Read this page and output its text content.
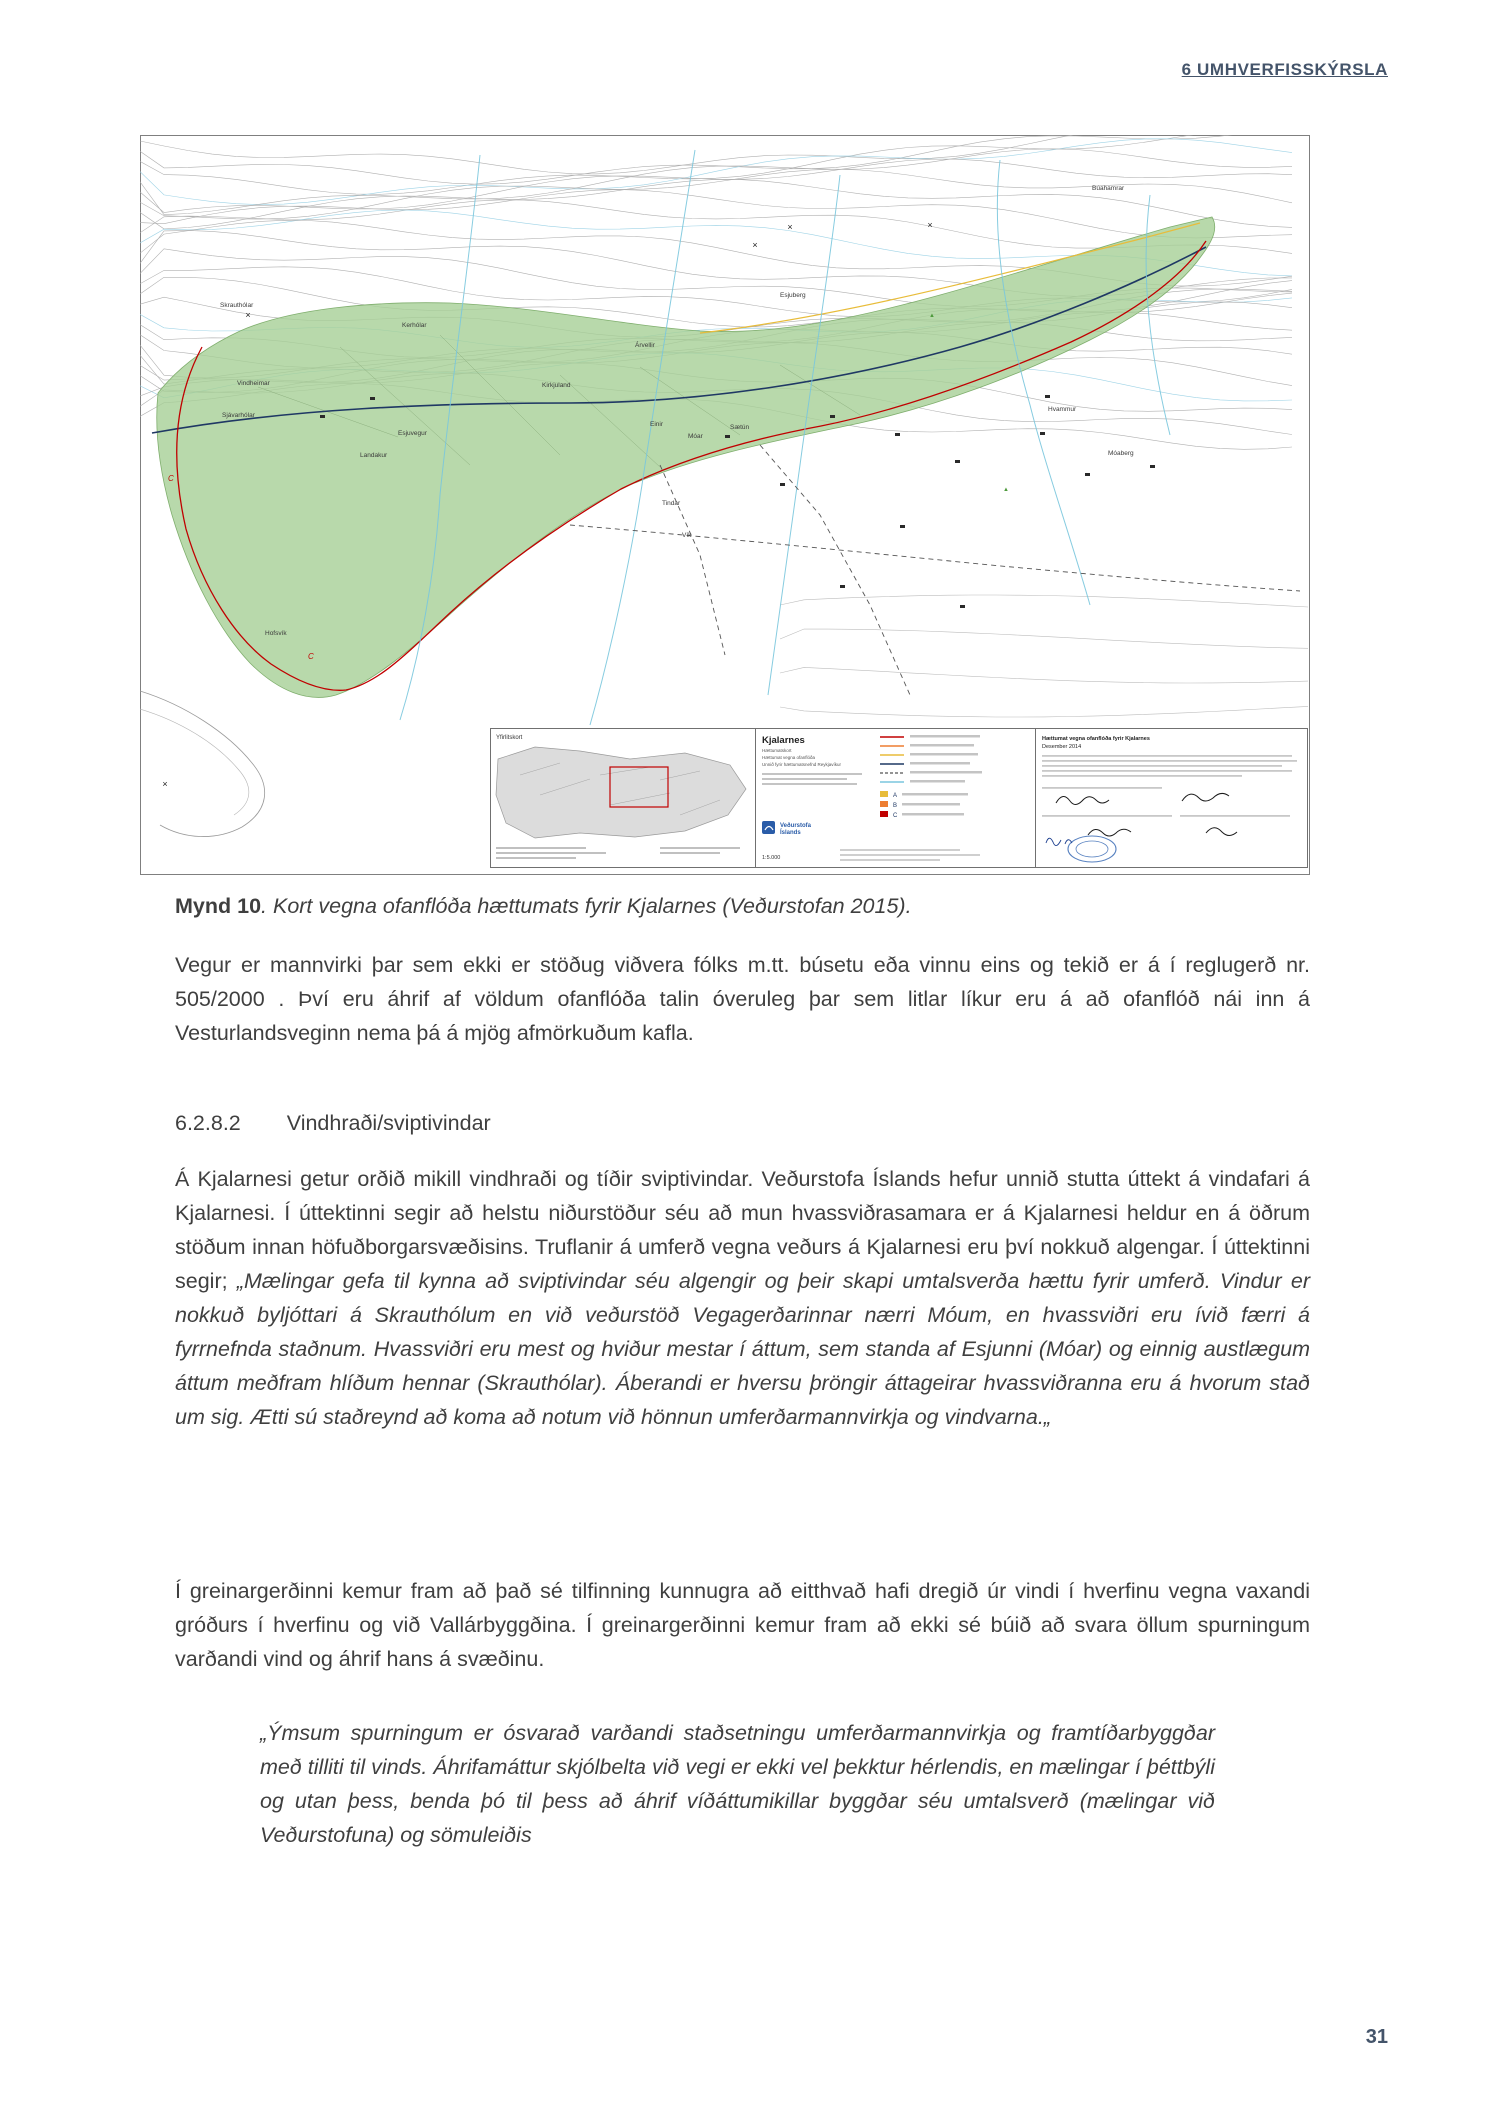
6 UMHVERFISSKÝRSLA
Búahamrar
Skrauthólar
Kerhólar
Esjuberg
Árvellir
Vindheimar
Sjávarhólar
Kirkjuland
Esjuvegur
Landakur
Einir	Sætún
Móar
Hvammur
Móaberg
Tindar
Vík
Hofsvík
×
×
×	×
×
▲
▲
C
C
Yfirlitskort	Kjalarnes
Hættumatskort
Hættumat vegna ofanflóða
Unnið fyrir hættumatsnefnd Reykjavíkur
A
B
C
Veðurstofa
Íslands
1:5.000
Hættumat vegna ofanflóða fyrir Kjalarnes
Desember 2014
Mynd 10. Kort vegna ofanflóða hættumats fyrir Kjalarnes (Veðurstofan 2015).
Vegur er mannvirki þar sem ekki er stöðug viðvera fólks m.tt. búsetu eða vinnu eins og tekið er á í reglugerð nr. 505/2000 . Því eru áhrif af völdum ofanflóða talin óveruleg þar sem litlar líkur eru á að ofanflóð nái inn á Vesturlandsveginn nema þá á mjög afmörkuðum kafla.
6.2.8.2 Vindhraði/sviptivindar
Á Kjalarnesi getur orðið mikill vindhraði og tíðir sviptivindar. Veðurstofa Íslands hefur unnið stutta úttekt á vindafari á Kjalarnesi. Í úttektinni segir að helstu niðurstöður séu að mun hvassviðrasamara er á Kjalarnesi heldur en á öðrum stöðum innan höfuðborgarsvæðisins. Truflanir á umferð vegna veðurs á Kjalarnesi eru því nokkuð algengar. Í úttektinni segir; „Mælingar gefa til kynna að sviptivindar séu algengir og þeir skapi umtalsverða hættu fyrir umferð. Vindur er nokkuð byljóttari á Skrauthólum en við veðurstöð Vegagerðarinnar nærri Móum, en hvassviðri eru ívið færri á fyrrnefnda staðnum. Hvassviðri eru mest og hviður mestar í áttum, sem standa af Esjunni (Móar) og einnig austlægum áttum meðfram hlíðum hennar (Skrauthólar). Áberandi er hversu þröngir áttageirar hvassviðranna eru á hvorum stað um sig. Ætti sú staðreynd að koma að notum við hönnun umferðarmannvirkja og vindvarna.„
Í greinargerðinni kemur fram að það sé tilfinning kunnugra að eitthvað hafi dregið úr vindi í hverfinu vegna vaxandi gróðurs í hverfinu og við Vallárbyggðina. Í greinargerðinni kemur fram að ekki sé búið að svara öllum spurningum varðandi vind og áhrif hans á svæðinu.
„Ýmsum spurningum er ósvarað varðandi staðsetningu umferðarmannvirkja og framtíðarbyggðar með tilliti til vinds. Áhrifamáttur skjólbelta við vegi er ekki vel þekktur hérlendis, en mælingar í þéttbýli og utan þess, benda þó til þess að áhrif víðáttumikillar byggðar séu umtalsverð (mælingar við Veðurstofuna) og sömuleiðis
31
